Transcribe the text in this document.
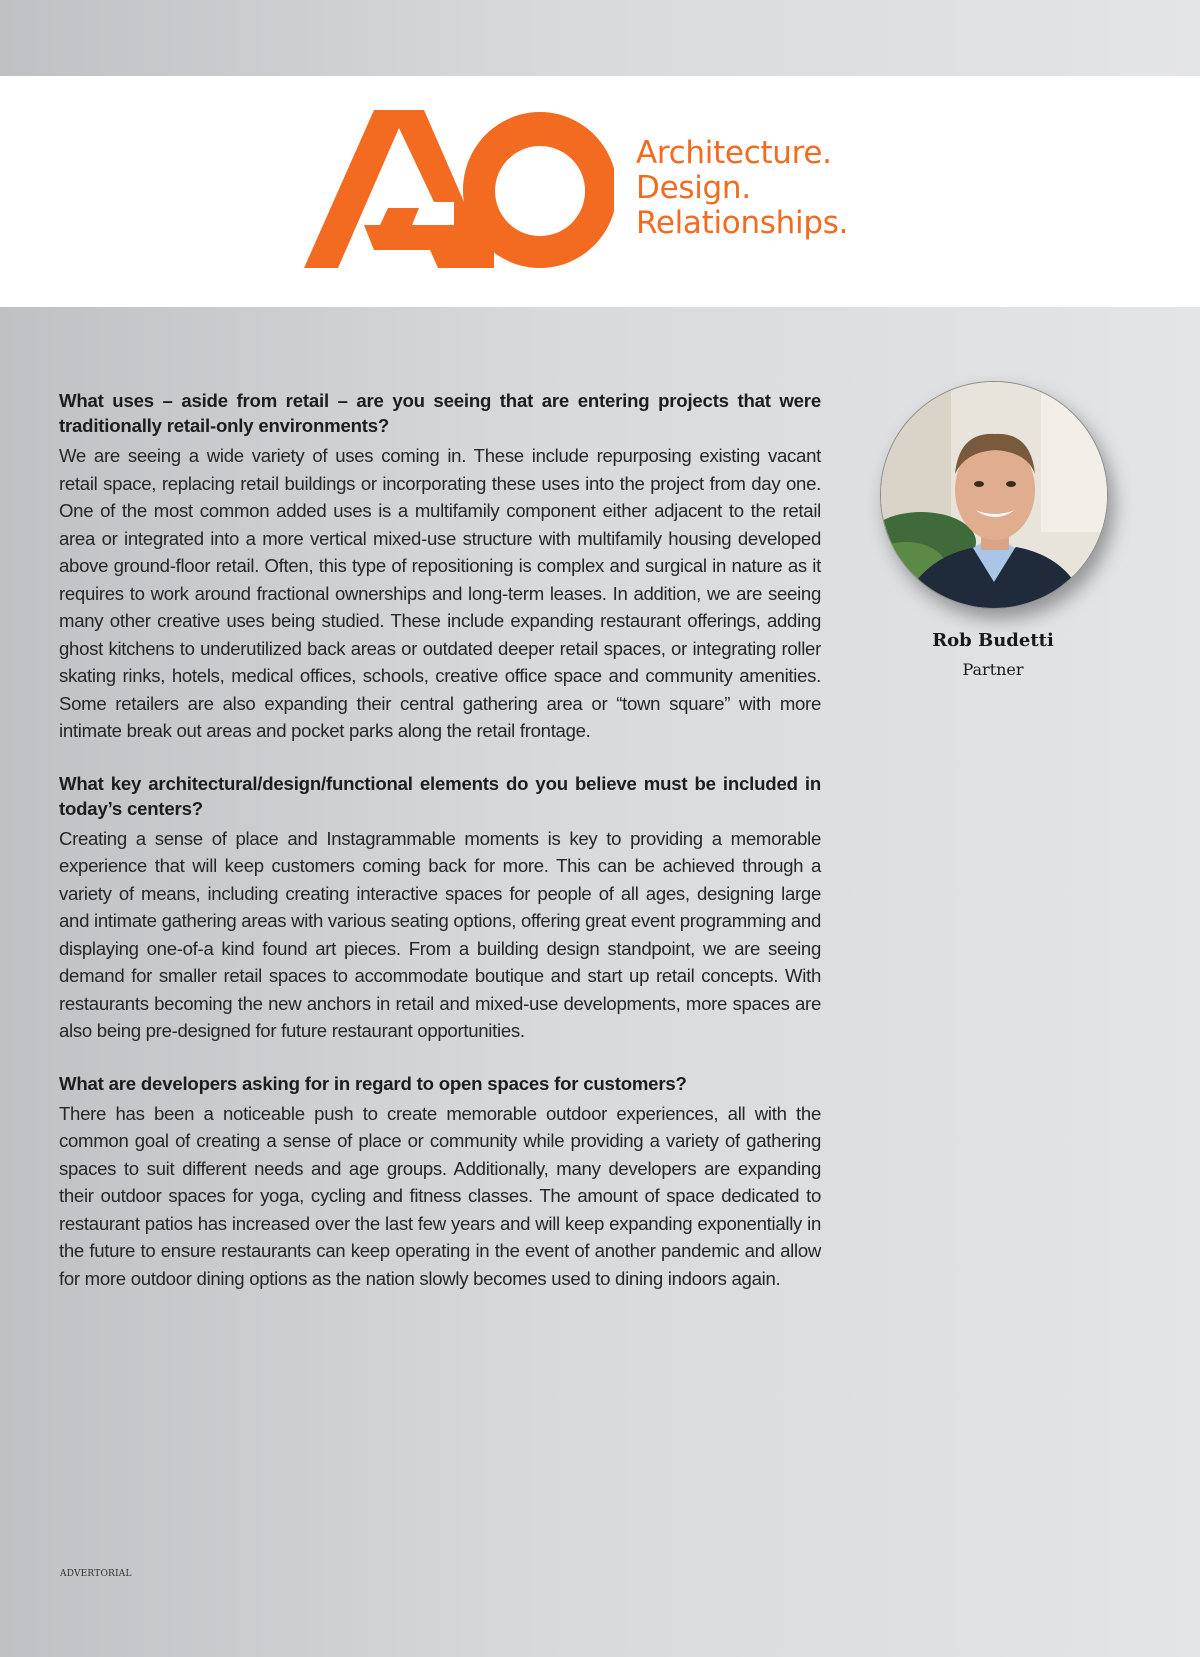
Architecture.
Design.
Relationships.

What uses – aside from retail – are you seeing that are entering projects that were traditionally retail-only environments?

We are seeing a wide variety of uses coming in. These include repurposing existing vacant retail space, replacing retail buildings or incorporating these uses into the project from day one. One of the most common added uses is a multifamily component either adjacent to the retail area or integrated into a more vertical mixed-use structure with multifamily housing developed above ground-floor retail. Often, this type of repositioning is complex and surgical in nature as it requires to work around fractional ownerships and long-term leases. In addition, we are seeing many other creative uses being studied. These include expanding restaurant offerings, adding ghost kitchens to underutilized back areas or outdated deeper retail spaces, or integrating roller skating rinks, hotels, medical offices, schools, creative office space and community amenities. Some retailers are also expanding their central gathering area or “town square” with more intimate break out areas and pocket parks along the retail frontage.

What key architectural/design/functional elements do you believe must be included in today’s centers?

Creating a sense of place and Instagrammable moments is key to providing a memorable experience that will keep customers coming back for more. This can be achieved through a variety of means, including creating interactive spaces for people of all ages, designing large and intimate gathering areas with various seating options, offering great event programming and displaying one-of-a kind found art pieces. From a building design standpoint, we are seeing demand for smaller retail spaces to accommodate boutique and start up retail concepts. With restaurants becoming the new anchors in retail and mixed-use developments, more spaces are also being pre-designed for future restaurant opportunities.

What are developers asking for in regard to open spaces for customers?

There has been a noticeable push to create memorable outdoor experiences, all with the common goal of creating a sense of place or community while providing a variety of gathering spaces to suit different needs and age groups. Additionally, many developers are expanding their outdoor spaces for yoga, cycling and fitness classes. The amount of space dedicated to restaurant patios has increased over the last few years and will keep expanding exponentially in the future to ensure restaurants can keep operating in the event of another pandemic and allow for more outdoor dining options as the nation slowly becomes used to dining indoors again.

Rob Budetti
Partner
ADVERTORIAL
